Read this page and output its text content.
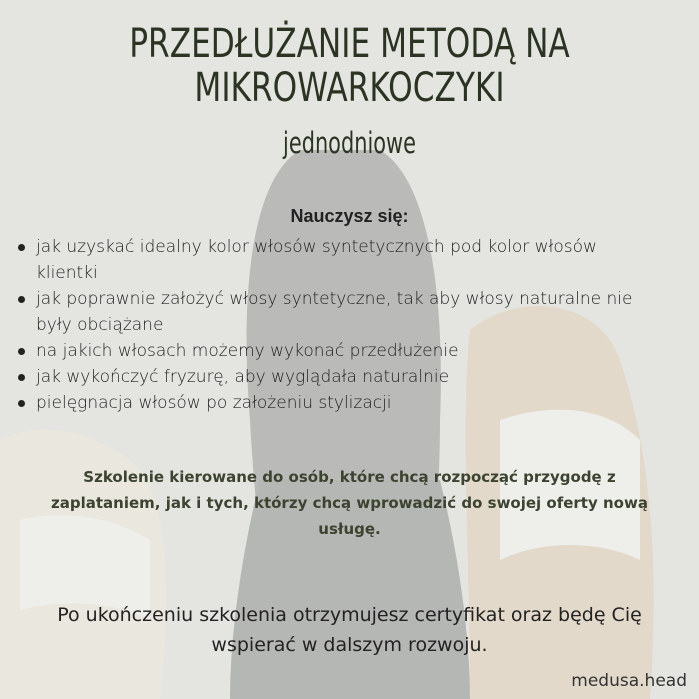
PRZEDŁUŻANIE METODĄ NA
MIKROWARKOCZYKI
jednodniowe
Nauczysz się:
jak uzyskać idealny kolor włosów syntetycznych pod kolor włosów klientki
jak poprawnie założyć włosy syntetyczne, tak aby włosy naturalne nie były obciążane
na jakich włosach możemy wykonać przedłużenie
jak wykończyć fryzurę, aby wyglądała naturalnie
pielęgnacja włosów po założeniu stylizacji
Szkolenie kierowane do osób, które chcą rozpocząć przygodę z zaplataniem, jak i tych, którzy chcą wprowadzić do swojej oferty nową usługę.
Po ukończeniu szkolenia otrzymujesz certyfikat oraz będę Cię wspierać w dalszym rozwoju.
medusa.head
